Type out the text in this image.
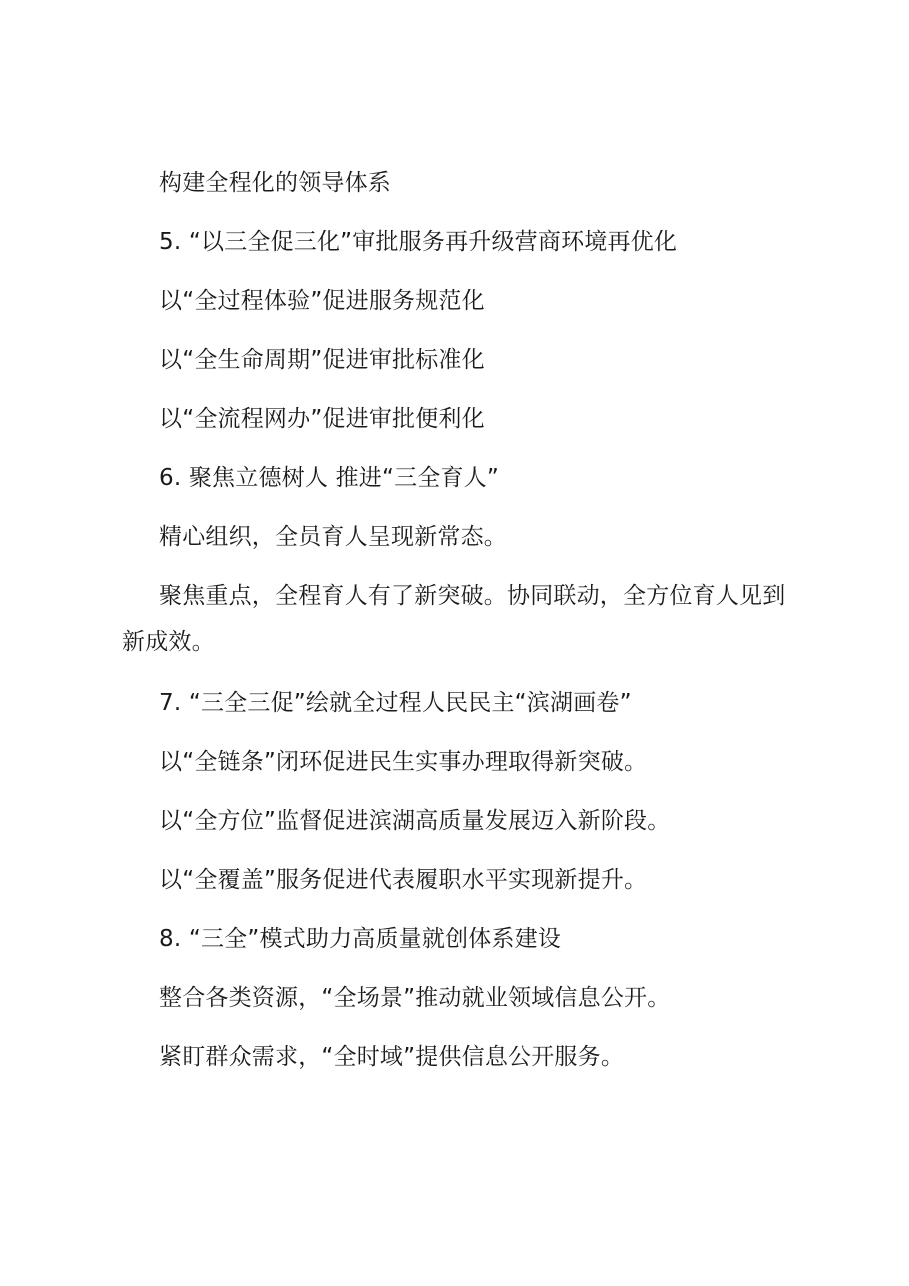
构建全程化的领导体系

5. “以三全促三化”审批服务再升级营商环境再优化

以“全过程体验”促进服务规范化

以“全生命周期”促进审批标准化

以“全流程网办”促进审批便利化

6. 聚焦立德树人 推进“三全育人”

精心组织，全员育人呈现新常态。

聚焦重点，全程育人有了新突破。协同联动，全方位育人见到新成效。

7. “三全三促”绘就全过程人民民主“滨湖画卷”

以“全链条”闭环促进民生实事办理取得新突破。

以“全方位”监督促进滨湖高质量发展迈入新阶段。

以“全覆盖”服务促进代表履职水平实现新提升。

8. “三全”模式助力高质量就创体系建设

整合各类资源，“全场景”推动就业领域信息公开。

紧盯群众需求，“全时域”提供信息公开服务。
